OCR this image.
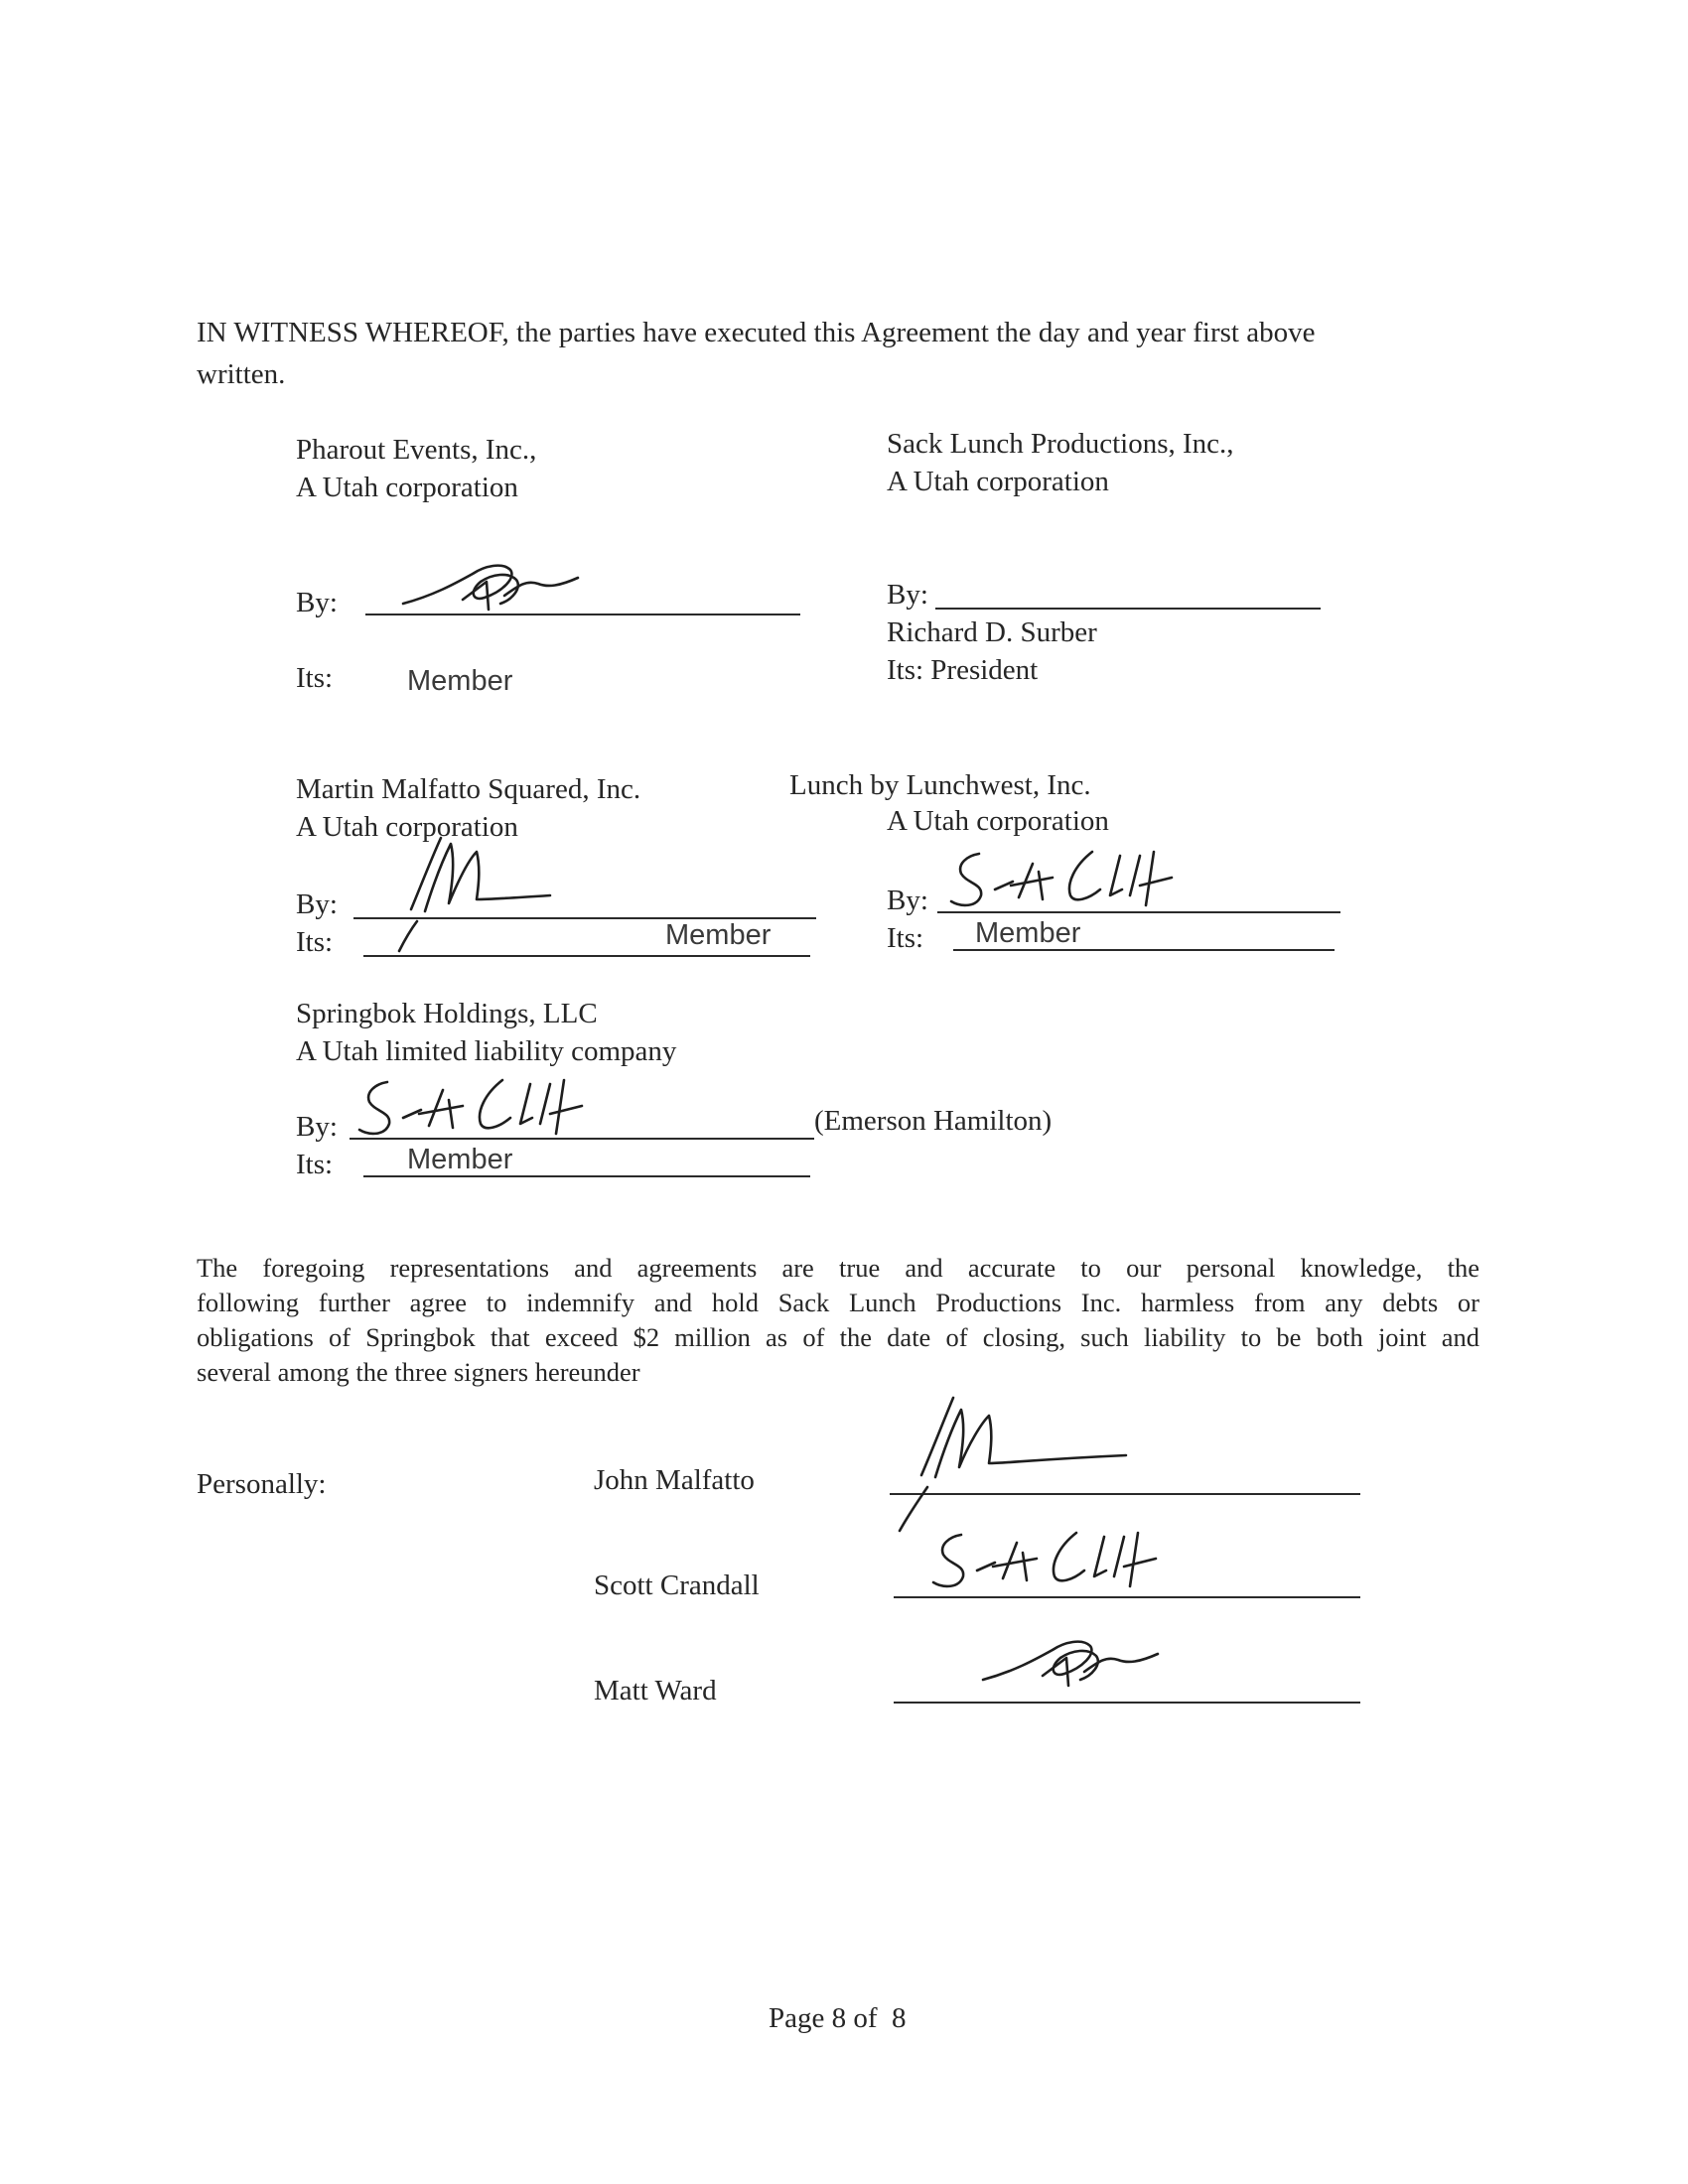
IN WITNESS WHEREOF, the parties have executed this Agreement the day and year first above
written.
Pharout Events, Inc.,
A Utah corporation
By:
Its:	Member
Sack Lunch Productions, Inc.,
A Utah corporation
By:
Richard D. Surber
Its: President
Martin Malfatto Squared, Inc.
A Utah corporation
By:
Its:	Member
Lunch by Lunchwest, Inc.
A Utah corporation
By:
Its: Member
Springbok Holdings, LLC
A Utah limited liability company
By:	(Emerson Hamilton)
Its:	Member
The foregoing representations and agreements are true and accurate to our personal knowledge, the
following further agree to indemnify and hold Sack Lunch Productions Inc. harmless from any debts or
obligations of Springbok that exceed $2 million as of the date of closing, such liability to be both joint and
several among the three signers hereunder
Personally:	John Malfatto
Scott Crandall
Matt Ward
Page 8 of  8
